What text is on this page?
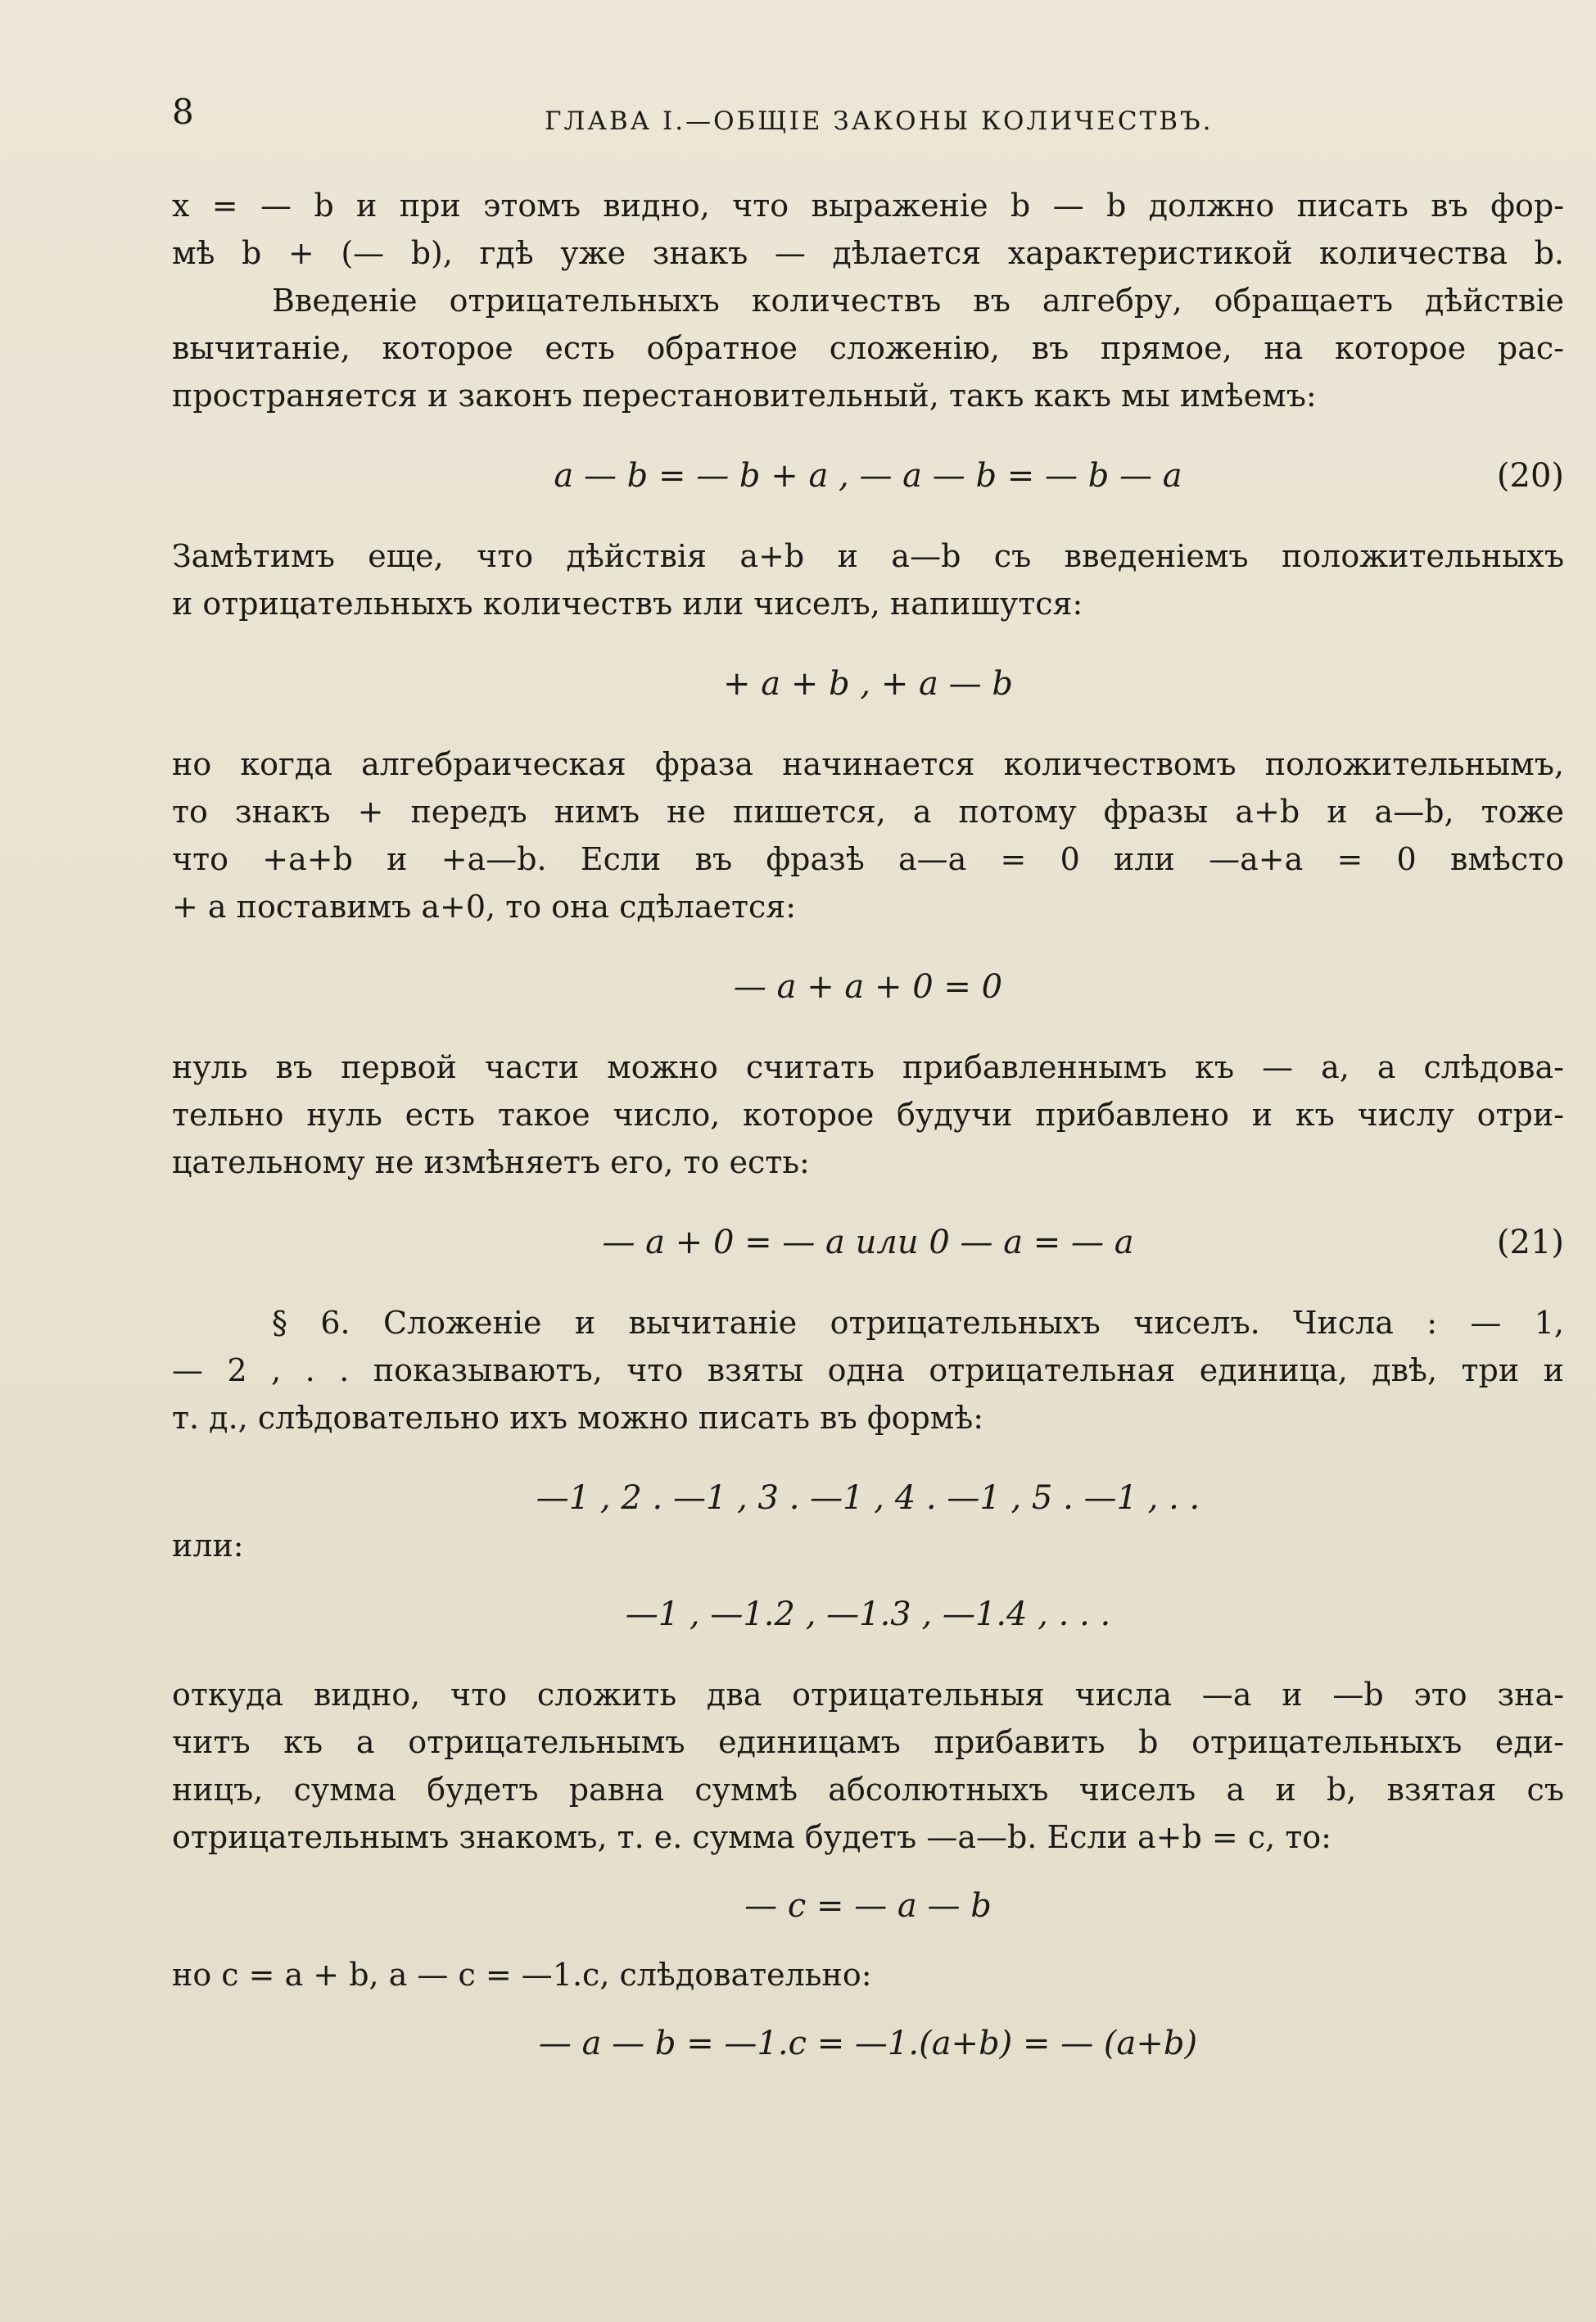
8	ГЛАВА I.—ОБЩІЕ ЗАКОНЫ КОЛИЧЕСТВЪ.
x = — b и при этомъ видно, что выраженіе b — b должно писать въ фор-
мѣ b + (— b), гдѣ уже знакъ — дѣлается характеристикой количества b.
Введеніе отрицательныхъ количествъ въ алгебру, обращаетъ дѣйствіе
вычитаніе, которое есть обратное сложенію, въ прямое, на которое рас-
пространяется и законъ перестановительный, такъ какъ мы имѣемъ:
a — b = — b + a , — a — b = — b — a	(20)
Замѣтимъ еще, что дѣйствія a+b и a—b съ введеніемъ положительныхъ
и отрицательныхъ количествъ или чиселъ, напишутся:
+ a + b , + a — b
но когда алгебраическая фраза начинается количествомъ положительнымъ,
то знакъ + передъ нимъ не пишется, а потому фразы a+b и a—b, тоже
что +a+b и +a—b. Если въ фразѣ a—a = 0 или —a+a = 0 вмѣсто
+ a поставимъ a+0, то она сдѣлается:
— a + a + 0 = 0
нуль въ первой части можно считать прибавленнымъ къ — a, а слѣдова-
тельно нуль есть такое число, которое будучи прибавлено и къ числу отри-
цательному не измѣняетъ его, то есть:
— a + 0 = — a или 0 — a = — a	(21)
§ 6. Сложеніе и вычитаніе отрицательныхъ чиселъ. Числа : — 1,
— 2 , . . показываютъ, что взяты одна отрицательная единица, двѣ, три и
т. д., слѣдовательно ихъ можно писать въ формѣ:
—1 , 2 . —1 , 3 . —1 , 4 . —1 , 5 . —1 , . .
или:
—1 , —1.2 , —1.3 , —1.4 , . . .
откуда видно, что сложить два отрицательныя числа —a и —b это зна-
читъ къ a отрицательнымъ единицамъ прибавить b отрицательныхъ еди-
ницъ, сумма будетъ равна суммѣ абсолютныхъ чиселъ a и b, взятая съ
отрицательнымъ знакомъ, т. е. сумма будетъ —a—b. Если a+b = c, то:
— c = — a — b
но c = a + b, а — c = —1.c, слѣдовательно:
— a — b = —1.c = —1.(a+b) = — (a+b)
